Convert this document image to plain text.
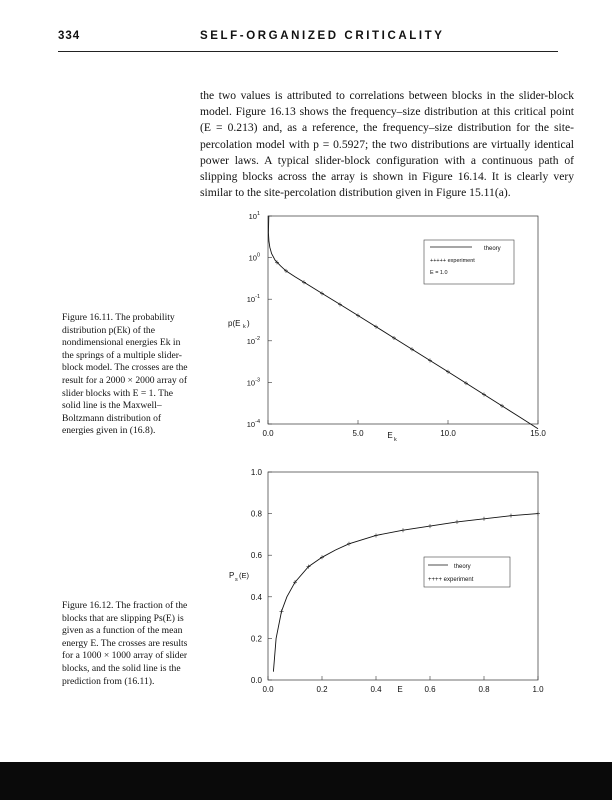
334	SELF-ORGANIZED CRITICALITY
the two values is attributed to correlations between blocks in the slider-block model. Figure 16.13 shows the frequency–size distribution at this critical point (E = 0.213) and, as a reference, the frequency–size distribution for the site-percolation model with p = 0.5927; the two distributions are virtually identical power laws. A typical slider-block configuration with a continuous path of slipping blocks across the array is shown in Figure 16.14. It is clearly very similar to the site-percolation distribution given in Figure 15.11(a).
Figure 16.11. The probability distribution p(Ek) of the nondimensional energies Ek in the springs of a multiple slider-block model. The crosses are the result for a 2000 × 2000 array of slider blocks with E = 1. The solid line is the Maxwell–Boltzmann distribution of energies given in (16.8).
Figure 16.12. The fraction of the blocks that are slipping Ps(E) is given as a function of the mean energy E. The crosses are results for a 1000 × 1000 array of slider blocks, and the solid line is the prediction from (16.11).
$10^1$
$10^0$
$10^{-1}$
$10^{-2}$
$10^{-3}$
$10^{-4}$
0.0	5.0	10.0	15.0
p(E k )
E k
theory
+++++ experiment
E = 1.0
0.0
0.2
0.4
0.6
0.8
1.0
0.0	0.2	0.4	0.6	0.8	1.0
P s (E)
E
theory
++++ experiment
